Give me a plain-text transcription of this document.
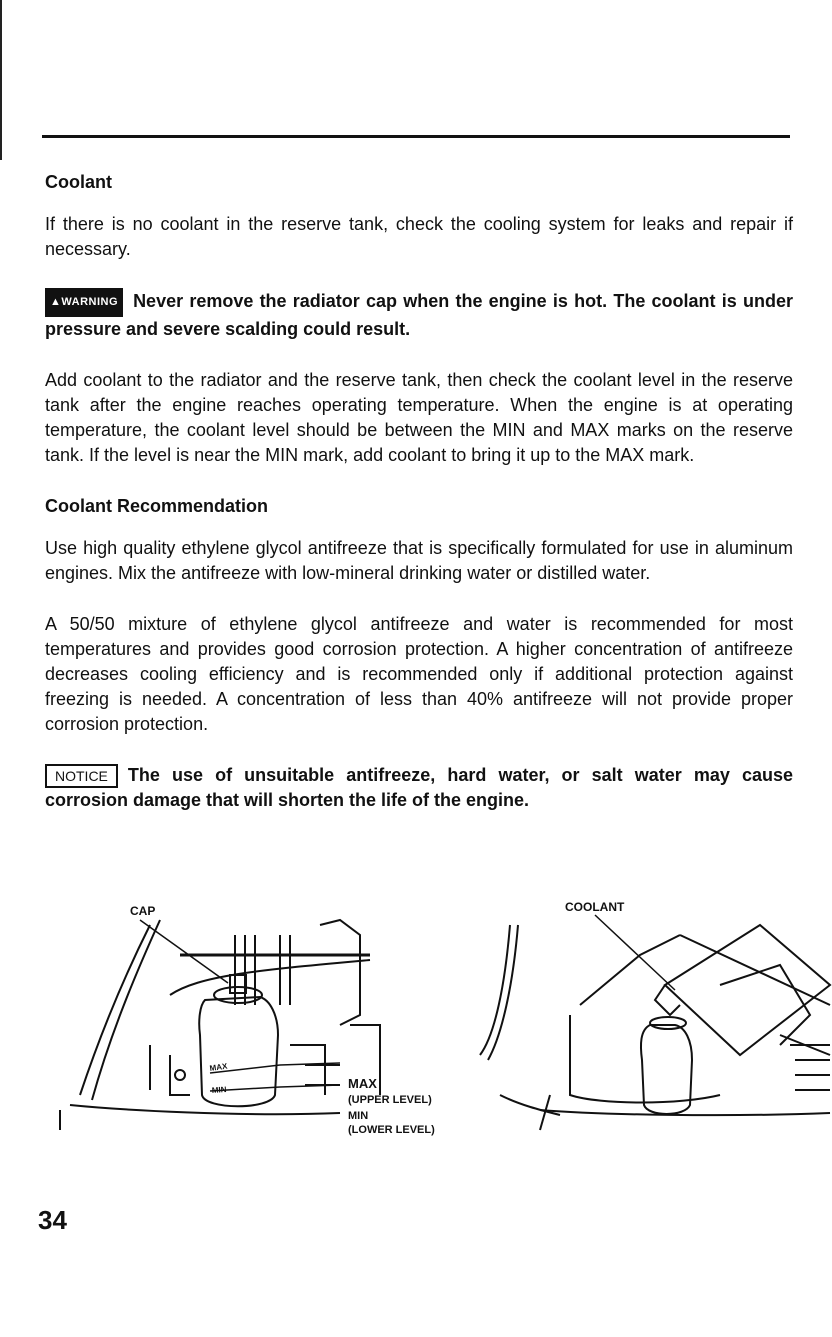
Coolant

If there is no coolant in the reserve tank, check the cooling system for leaks and repair if necessary.

▲WARNING Never remove the radiator cap when the engine is hot. The coolant is under pressure and severe scalding could result.

Add coolant to the radiator and the reserve tank, then check the coolant level in the reserve tank after the engine reaches operating temperature. When the engine is at operating temperature, the coolant level should be between the MIN and MAX marks on the reserve tank. If the level is near the MIN mark, add coolant to bring it up to the MAX mark.

Coolant Recommendation

Use high quality ethylene glycol antifreeze that is specifically formulated for use in aluminum engines. Mix the antifreeze with low-mineral drinking water or distilled water.

A 50/50 mixture of ethylene glycol antifreeze and water is recommended for most temperatures and provides good corrosion protection. A higher concentration of antifreeze decreases cooling efficiency and is recommended only if additional protection against freezing is needed. A concentration of less than 40% antifreeze will not provide proper corrosion protection.

NOTICE The use of unsuitable antifreeze, hard water, or salt water may cause corrosion damage that will shorten the life of the engine.

CAP
MAX
MIN	MAX
(UPPER LEVEL)
MIN
(LOWER LEVEL)
COOLANT
34
